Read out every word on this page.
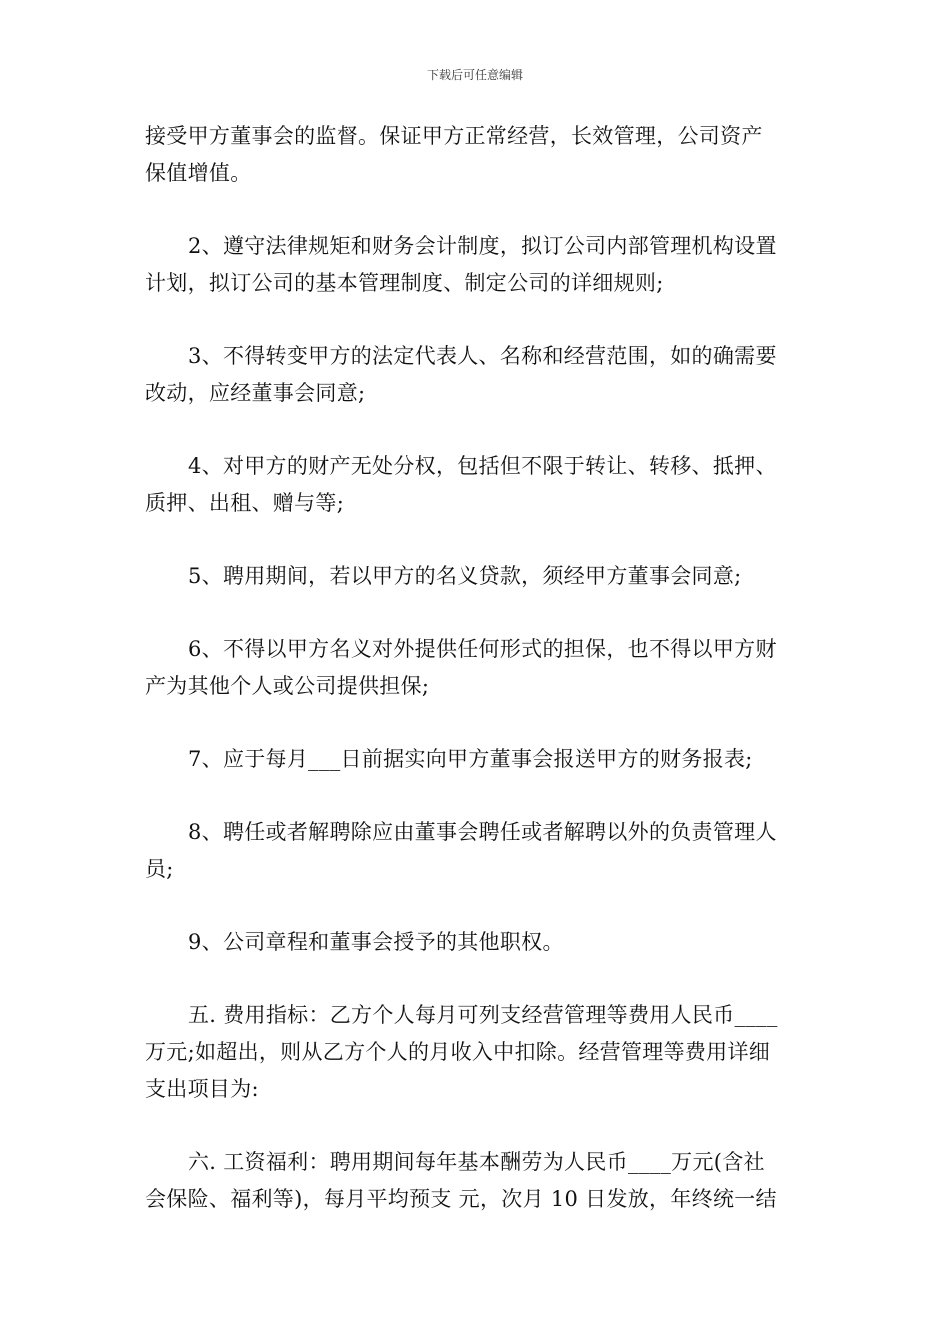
下载后可任意编辑

接受甲方董事会的监督。保证甲方正常经营，长效管理，公司资产
保值增值。

2、遵守法律规矩和财务会计制度，拟订公司内部管理机构设置
计划，拟订公司的基本管理制度、制定公司的详细规则;

3、不得转变甲方的法定代表人、名称和经营范围，如的确需要
改动，应经董事会同意;

4、对甲方的财产无处分权，包括但不限于转让、转移、抵押、
质押、出租、赠与等;

5、聘用期间，若以甲方的名义贷款，须经甲方董事会同意;

6、不得以甲方名义对外提供任何形式的担保，也不得以甲方财
产为其他个人或公司提供担保;

7、应于每月___日前据实向甲方董事会报送甲方的财务报表;

8、聘任或者解聘除应由董事会聘任或者解聘以外的负责管理人
员;

9、公司章程和董事会授予的其他职权。

五. 费用指标：乙方个人每月可列支经营管理等费用人民币____
万元;如超出，则从乙方个人的月收入中扣除。经营管理等费用详细
支出项目为:

六. 工资福利：聘用期间每年基本酬劳为人民币____万元(含社
会保险、福利等)，每月平均预支 元，次月 10 日发放，年终统一结
